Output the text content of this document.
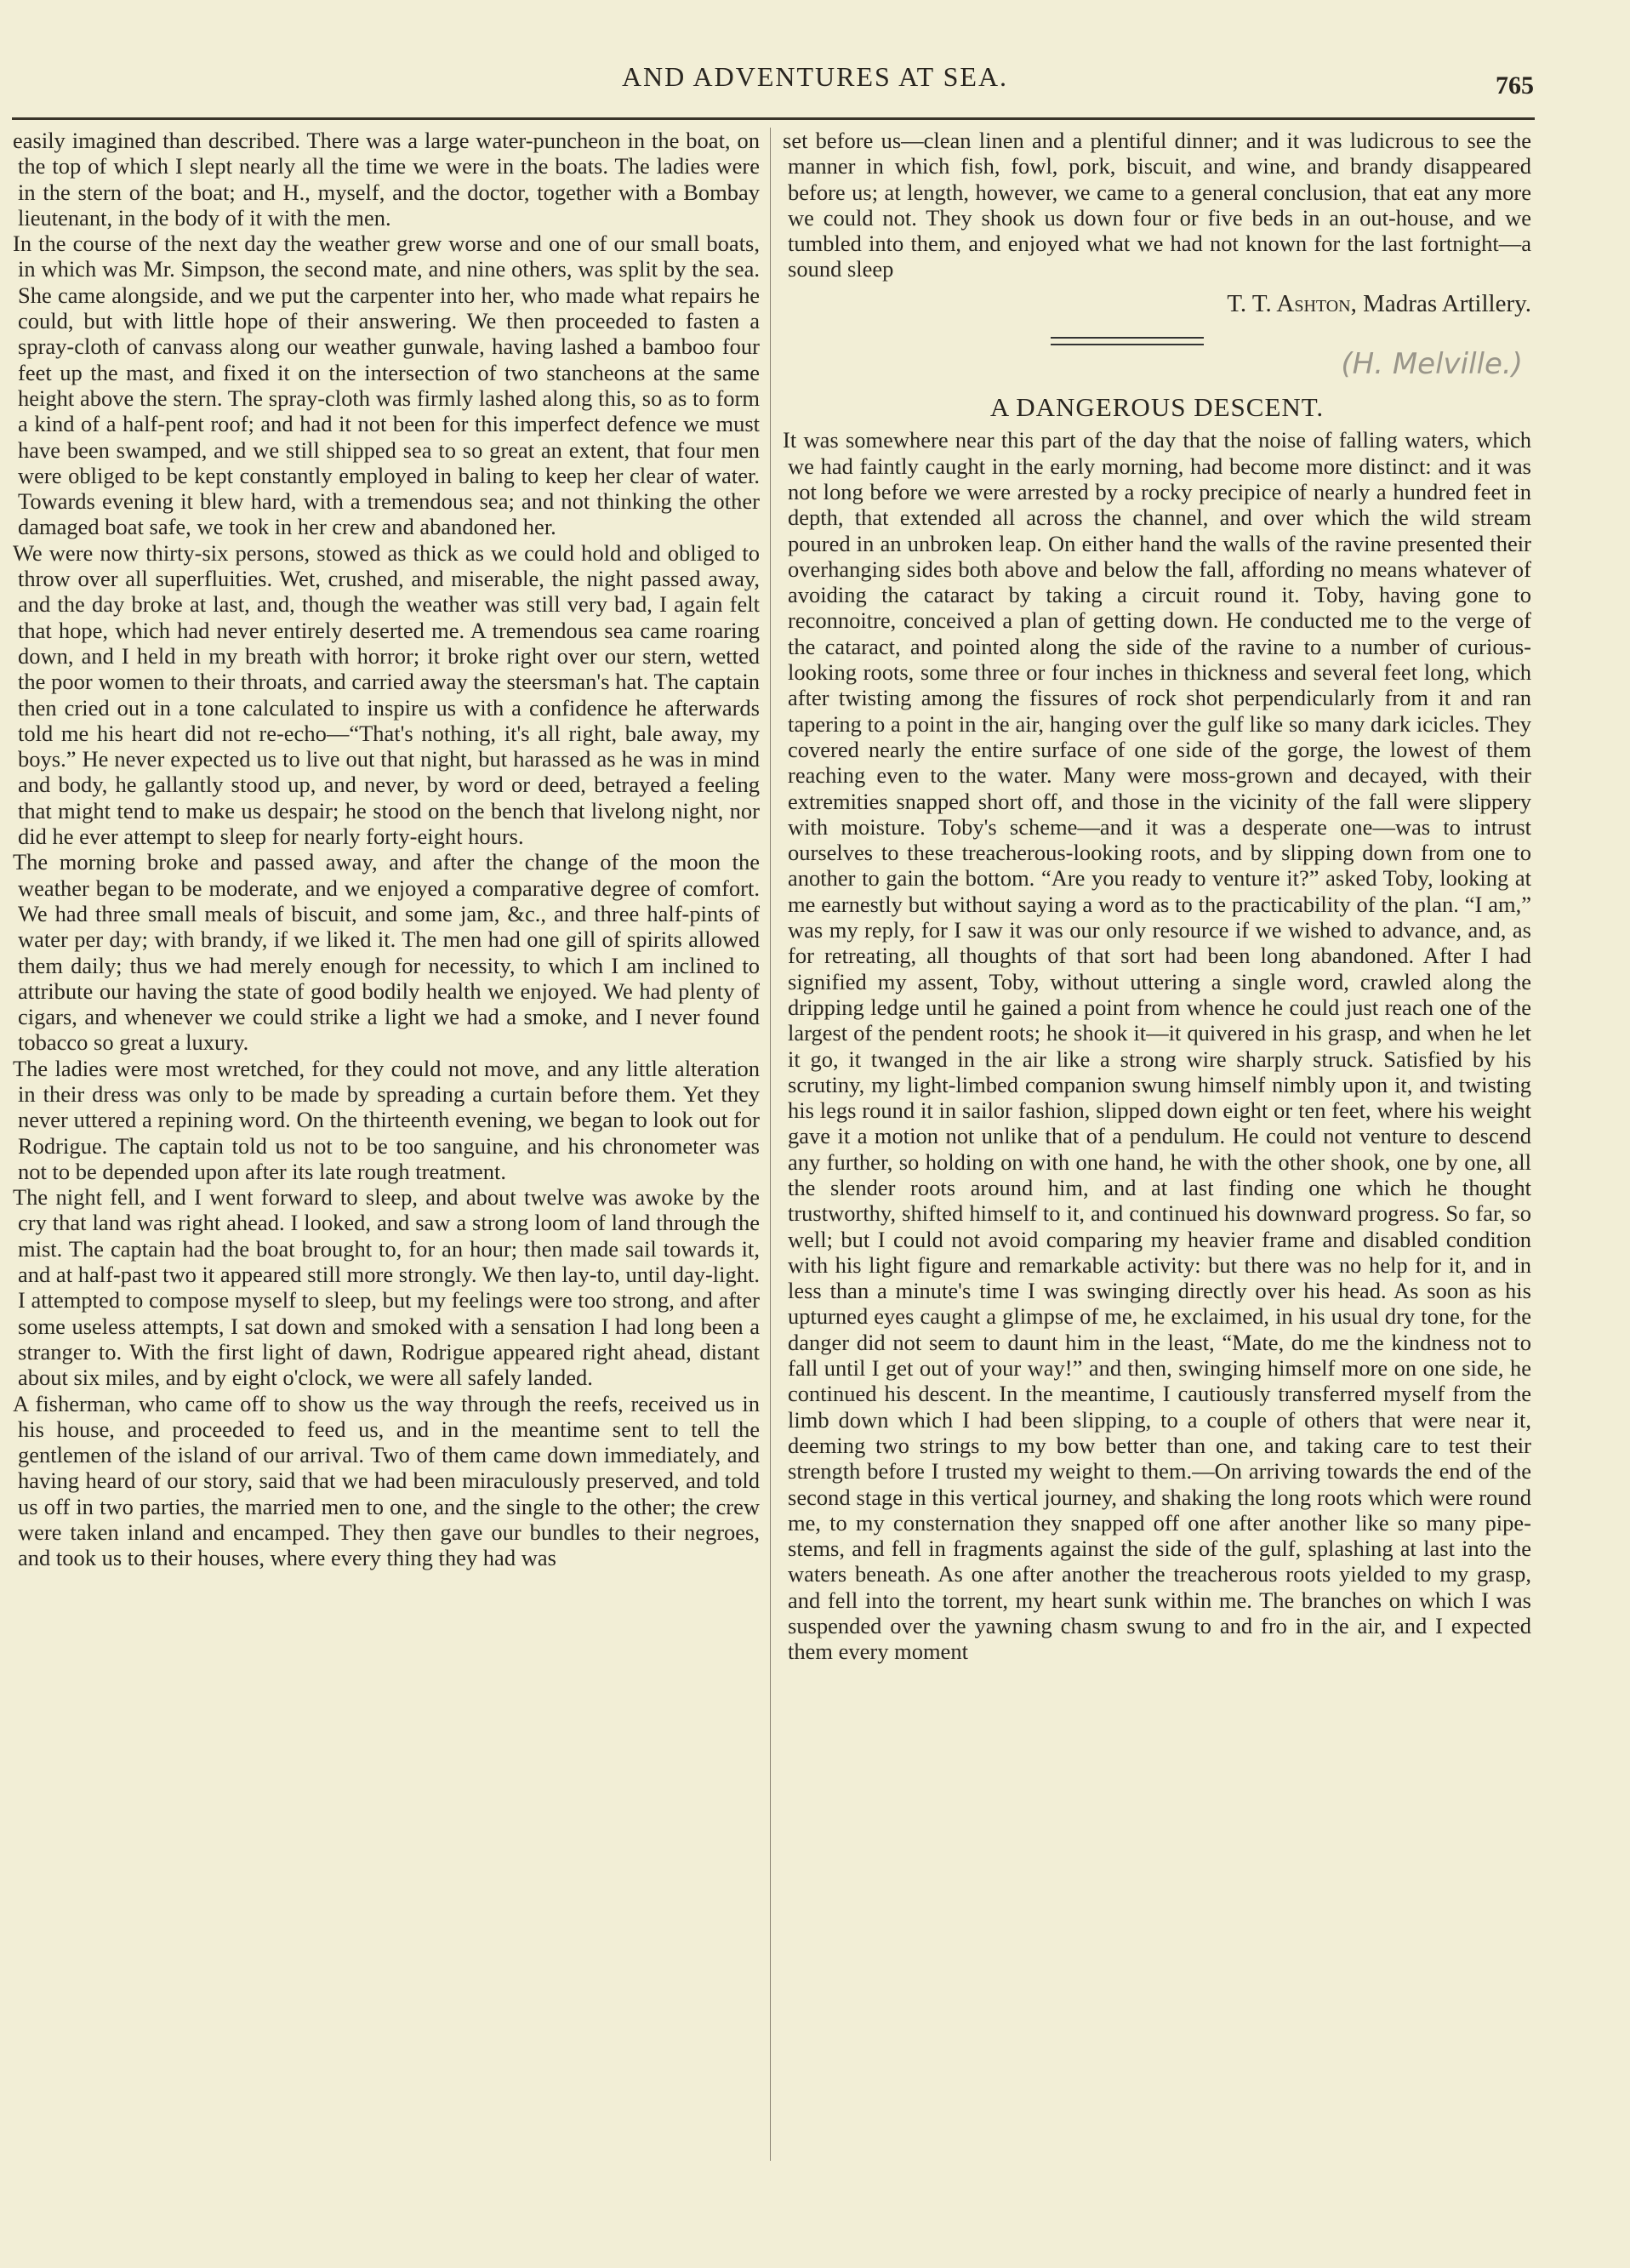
AND ADVENTURES AT SEA.	765

easily imagined than described. There was a large water-puncheon in the boat, on the top of which I slept nearly all the time we were in the boats. The ladies were in the stern of the boat; and H., myself, and the doctor, together with a Bombay lieutenant, in the body of it with the men.

In the course of the next day the weather grew worse and one of our small boats, in which was Mr. Simpson, the second mate, and nine others, was split by the sea. She came alongside, and we put the carpenter into her, who made what repairs he could, but with little hope of their answering. We then proceeded to fasten a spray-cloth of canvass along our weather gunwale, having lashed a bamboo four feet up the mast, and fixed it on the intersection of two stancheons at the same height above the stern. The spray-cloth was firmly lashed along this, so as to form a kind of a half-pent roof; and had it not been for this imperfect defence we must have been swamped, and we still shipped sea to so great an extent, that four men were obliged to be kept constantly employed in baling to keep her clear of water. Towards evening it blew hard, with a tremendous sea; and not thinking the other damaged boat safe, we took in her crew and abandoned her.

We were now thirty-six persons, stowed as thick as we could hold and obliged to throw over all superfluities. Wet, crushed, and miserable, the night passed away, and the day broke at last, and, though the weather was still very bad, I again felt that hope, which had never entirely deserted me. A tremendous sea came roaring down, and I held in my breath with horror; it broke right over our stern, wetted the poor women to their throats, and carried away the steersman's hat. The captain then cried out in a tone calculated to inspire us with a confidence he afterwards told me his heart did not re-echo—“That's nothing, it's all right, bale away, my boys.” He never expected us to live out that night, but harassed as he was in mind and body, he gallantly stood up, and never, by word or deed, betrayed a feeling that might tend to make us despair; he stood on the bench that livelong night, nor did he ever attempt to sleep for nearly forty-eight hours.

The morning broke and passed away, and after the change of the moon the weather began to be moderate, and we enjoyed a comparative degree of comfort. We had three small meals of biscuit, and some jam, &c., and three half-pints of water per day; with brandy, if we liked it. The men had one gill of spirits allowed them daily; thus we had merely enough for necessity, to which I am inclined to attribute our having the state of good bodily health we enjoyed. We had plenty of cigars, and whenever we could strike a light we had a smoke, and I never found tobacco so great a luxury.

The ladies were most wretched, for they could not move, and any little alteration in their dress was only to be made by spreading a curtain before them. Yet they never uttered a repining word. On the thirteenth evening, we began to look out for Rodrigue. The captain told us not to be too sanguine, and his chronometer was not to be depended upon after its late rough treatment.

The night fell, and I went forward to sleep, and about twelve was awoke by the cry that land was right ahead. I looked, and saw a strong loom of land through the mist. The captain had the boat brought to, for an hour; then made sail towards it, and at half-past two it appeared still more strongly. We then lay-to, until day-light. I attempted to compose myself to sleep, but my feelings were too strong, and after some useless attempts, I sat down and smoked with a sensation I had long been a stranger to. With the first light of dawn, Rodrigue appeared right ahead, distant about six miles, and by eight o'clock, we were all safely landed.

A fisherman, who came off to show us the way through the reefs, received us in his house, and proceeded to feed us, and in the meantime sent to tell the gentlemen of the island of our arrival. Two of them came down immediately, and having heard of our story, said that we had been miraculously preserved, and told us off in two parties, the married men to one, and the single to the other; the crew were taken inland and encamped. They then gave our bundles to their negroes, and took us to their houses, where every thing they had was

set before us—clean linen and a plentiful dinner; and it was ludicrous to see the manner in which fish, fowl, pork, biscuit, and wine, and brandy disappeared before us; at length, however, we came to a general conclusion, that eat any more we could not. They shook us down four or five beds in an out-house, and we tumbled into them, and enjoyed what we had not known for the last fortnight—a sound sleep

T. T. Ashton, Madras Artillery.
(H. Melville.)
A DANGEROUS DESCENT.

It was somewhere near this part of the day that the noise of falling waters, which we had faintly caught in the early morning, had become more distinct: and it was not long before we were arrested by a rocky precipice of nearly a hundred feet in depth, that extended all across the channel, and over which the wild stream poured in an unbroken leap. On either hand the walls of the ravine presented their overhanging sides both above and below the fall, affording no means whatever of avoiding the cataract by taking a circuit round it. Toby, having gone to reconnoitre, conceived a plan of getting down. He conducted me to the verge of the cataract, and pointed along the side of the ravine to a number of curious-looking roots, some three or four inches in thickness and several feet long, which after twisting among the fissures of rock shot perpendicularly from it and ran tapering to a point in the air, hanging over the gulf like so many dark icicles. They covered nearly the entire surface of one side of the gorge, the lowest of them reaching even to the water. Many were moss-grown and decayed, with their extremities snapped short off, and those in the vicinity of the fall were slippery with moisture. Toby's scheme—and it was a desperate one—was to intrust ourselves to these treacherous-looking roots, and by slipping down from one to another to gain the bottom. “Are you ready to venture it?” asked Toby, looking at me earnestly but without saying a word as to the practicability of the plan. “I am,” was my reply, for I saw it was our only resource if we wished to advance, and, as for retreating, all thoughts of that sort had been long abandoned. After I had signified my assent, Toby, without uttering a single word, crawled along the dripping ledge until he gained a point from whence he could just reach one of the largest of the pendent roots; he shook it—it quivered in his grasp, and when he let it go, it twanged in the air like a strong wire sharply struck. Satisfied by his scrutiny, my light-limbed companion swung himself nimbly upon it, and twisting his legs round it in sailor fashion, slipped down eight or ten feet, where his weight gave it a motion not unlike that of a pendulum. He could not venture to descend any further, so holding on with one hand, he with the other shook, one by one, all the slender roots around him, and at last finding one which he thought trustworthy, shifted himself to it, and continued his downward progress. So far, so well; but I could not avoid comparing my heavier frame and disabled condition with his light figure and remarkable activity: but there was no help for it, and in less than a minute's time I was swinging directly over his head. As soon as his upturned eyes caught a glimpse of me, he exclaimed, in his usual dry tone, for the danger did not seem to daunt him in the least, “Mate, do me the kindness not to fall until I get out of your way!” and then, swinging himself more on one side, he continued his descent. In the meantime, I cautiously transferred myself from the limb down which I had been slipping, to a couple of others that were near it, deeming two strings to my bow better than one, and taking care to test their strength before I trusted my weight to them.—On arriving towards the end of the second stage in this vertical journey, and shaking the long roots which were round me, to my consternation they snapped off one after another like so many pipe-stems, and fell in fragments against the side of the gulf, splashing at last into the waters beneath. As one after another the treacherous roots yielded to my grasp, and fell into the torrent, my heart sunk within me. The branches on which I was suspended over the yawning chasm swung to and fro in the air, and I expected them every moment
